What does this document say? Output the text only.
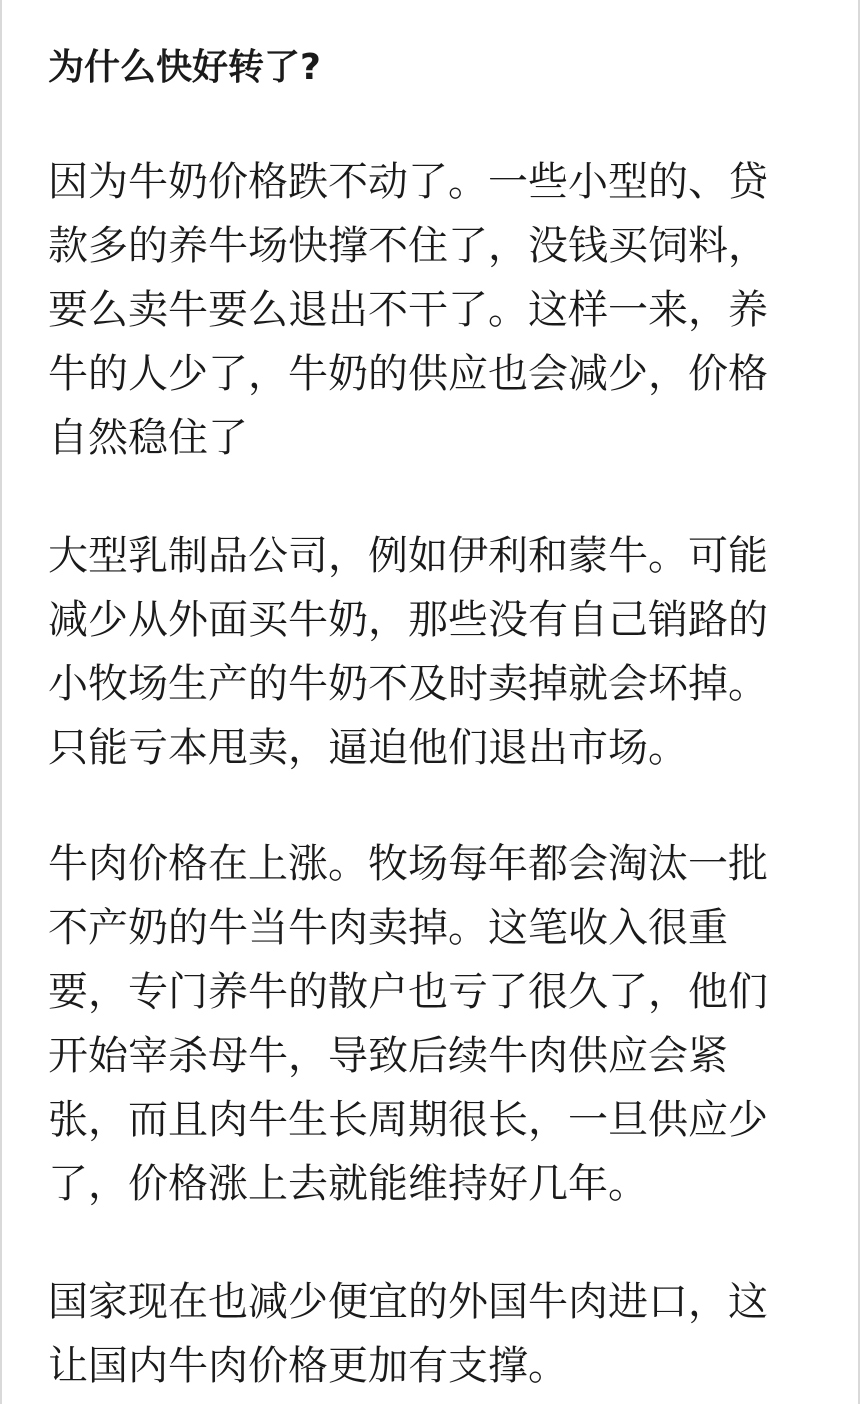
为什么快好转了?
因为牛奶价格跌不动了。一些小型的、贷
款多的养牛场快撑不住了，没钱买饲料，
要么卖牛要么退出不干了。这样一来，养
牛的人少了，牛奶的供应也会减少，价格
自然稳住了
大型乳制品公司，例如伊利和蒙牛。可能
减少从外面买牛奶，那些没有自己销路的
小牧场生产的牛奶不及时卖掉就会坏掉。
只能亏本甩卖，逼迫他们退出市场。
牛肉价格在上涨。牧场每年都会淘汰一批
不产奶的牛当牛肉卖掉。这笔收入很重
要，专门养牛的散户也亏了很久了，他们
开始宰杀母牛，导致后续牛肉供应会紧
张，而且肉牛生长周期很长，一旦供应少
了，价格涨上去就能维持好几年。
国家现在也减少便宜的外国牛肉进口，这
让国内牛肉价格更加有支撑。
